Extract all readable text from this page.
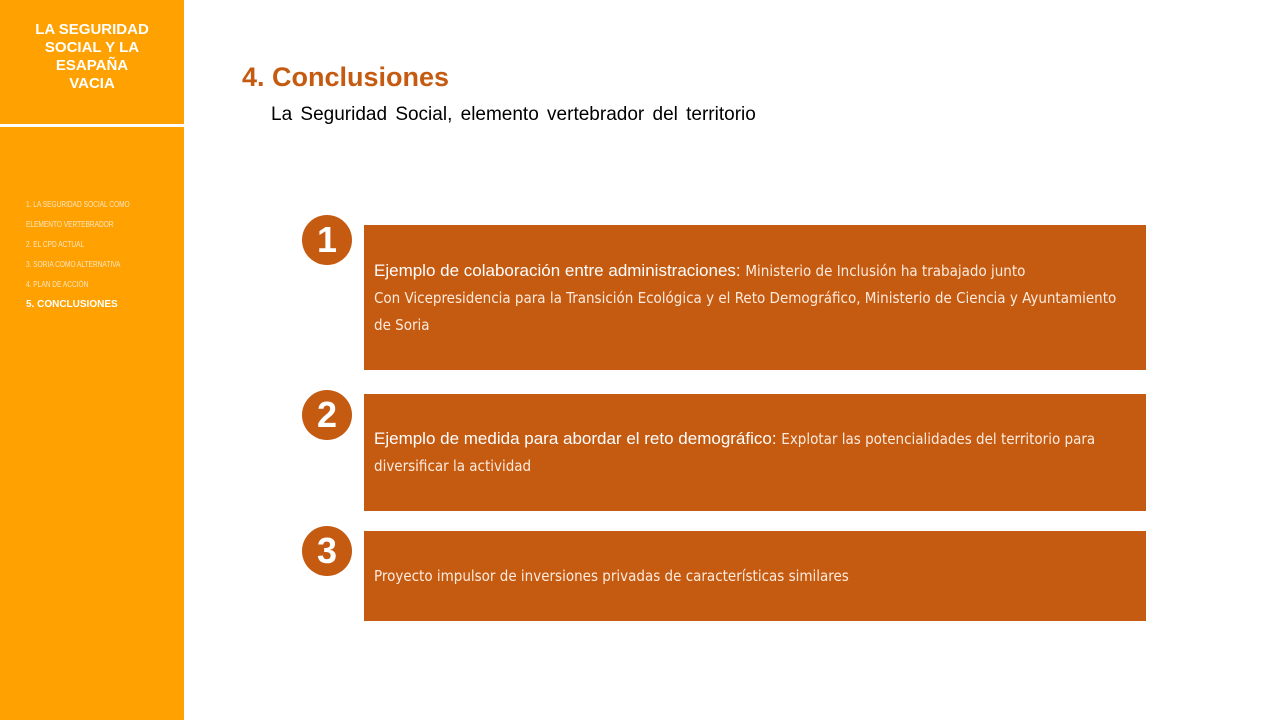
LA SEGURIDAD
SOCIAL Y LA
ESAPAÑA
VACIA
1. LA SEGURIDAD SOCIAL COMO ELEMENTO VERTEBRADOR
2. EL CPD ACTUAL
3. SORIA COMO ALTERNATIVA
4. PLAN DE ACCIÓN
5. CONCLUSIONES
4. Conclusiones

La Seguridad Social, elemento vertebrador del territorio

1
Ejemplo de colaboración entre administraciones: Ministerio de Inclusión ha trabajado junto
Con Vicepresidencia para la Transición Ecológica y el Reto Demográfico, Ministerio de Ciencia y Ayuntamiento de Soria
2
Ejemplo de medida para abordar el reto demográfico: Explotar las potencialidades del territorio para diversificar la actividad
3
Proyecto impulsor de inversiones privadas de características similares
